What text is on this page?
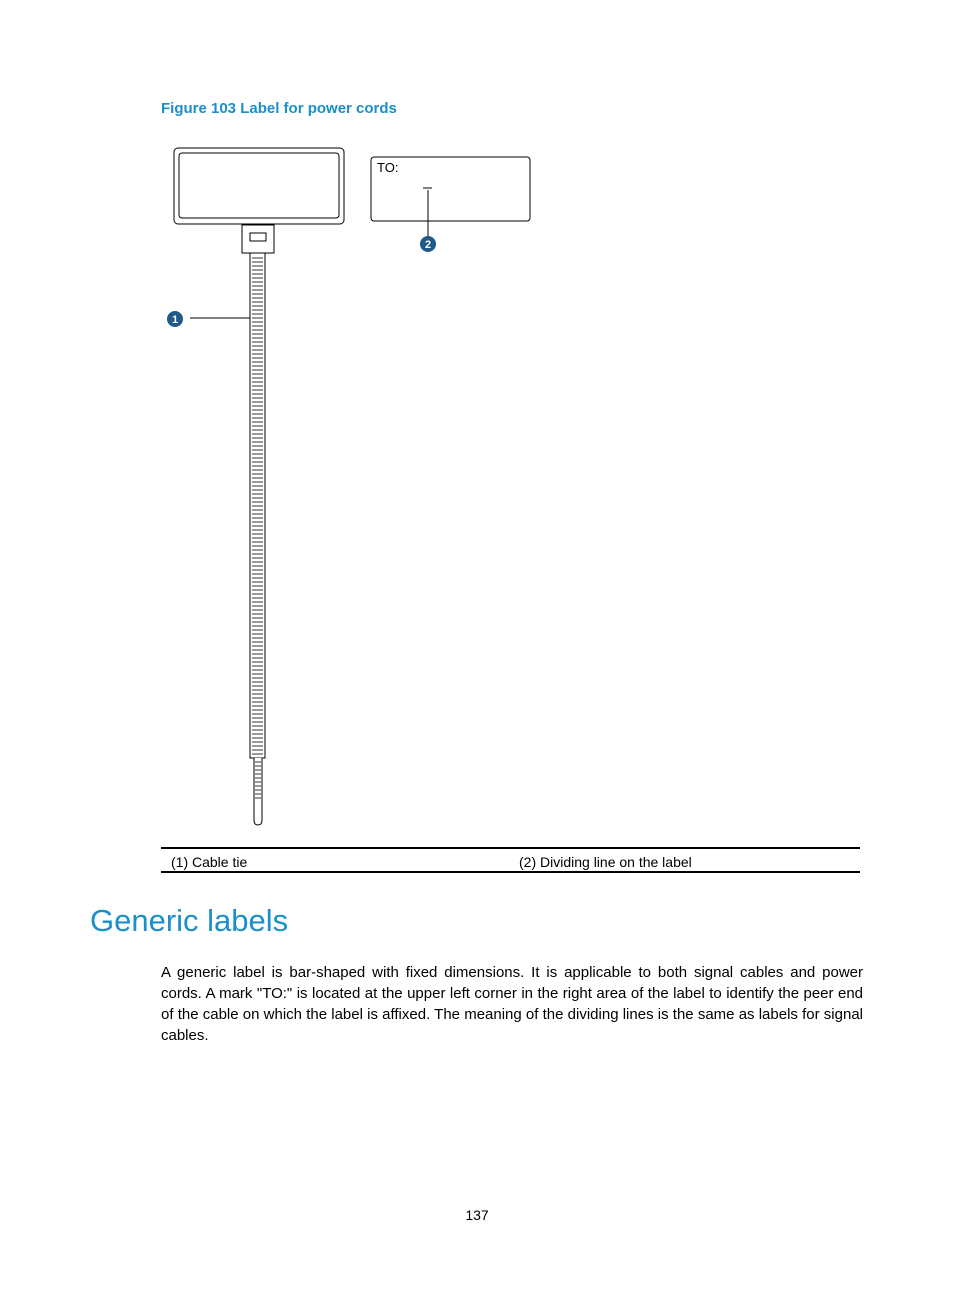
Figure 103 Label for power cords
1
TO:
2
(1) Cable tie	(2) Dividing line on the label
Generic labels

A generic label is bar-shaped with fixed dimensions. It is applicable to both signal cables and power cords. A mark "TO:" is located at the upper left corner in the right area of the label to identify the peer end of the cable on which the label is affixed. The meaning of the dividing lines is the same as labels for signal cables.

137
